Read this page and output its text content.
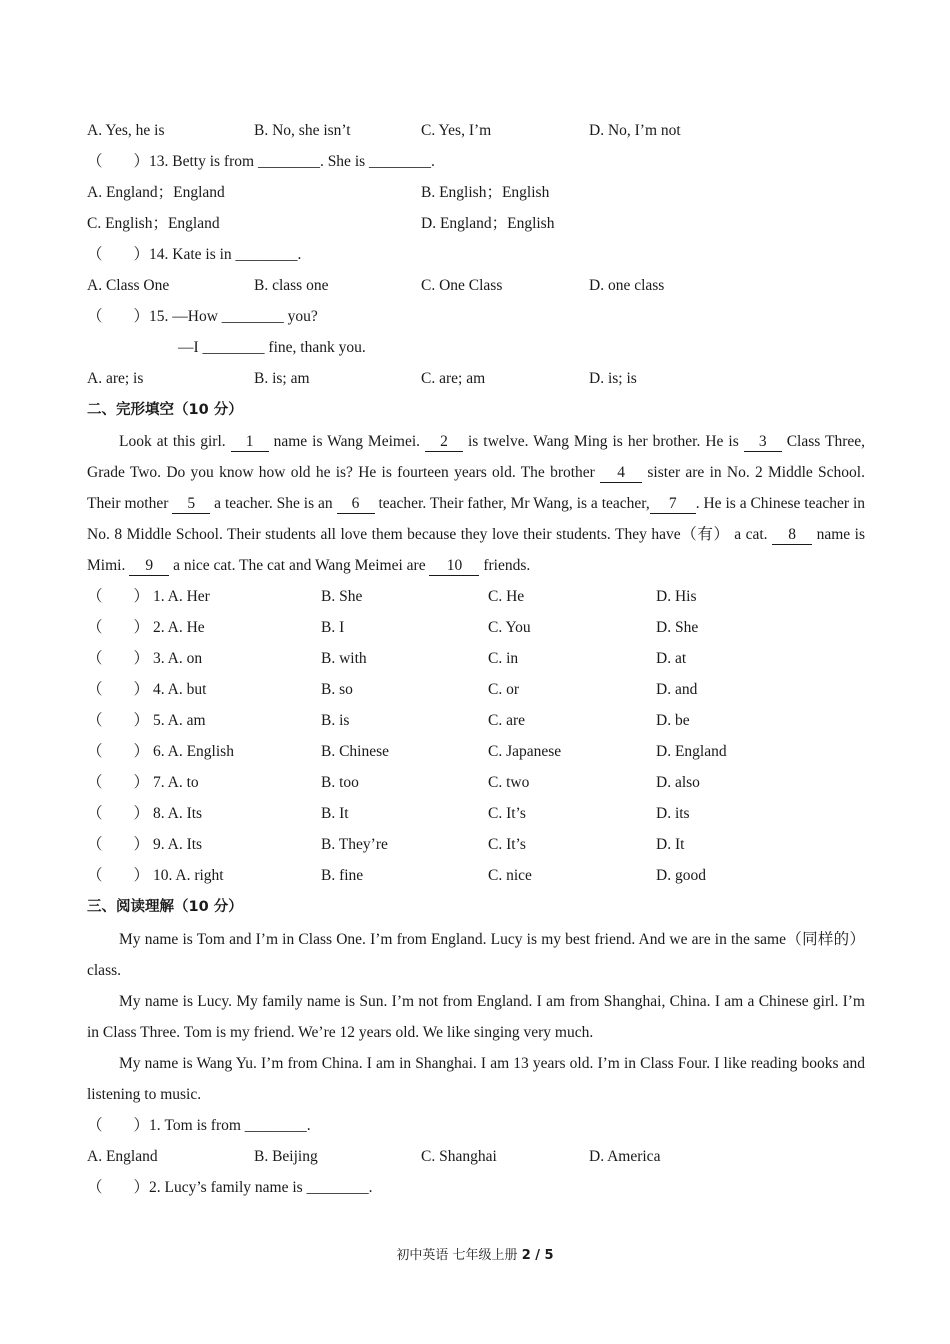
A. Yes, he is	B. No, she isn’t	C. Yes, I’m	D. No, I’m not
（　　）13. Betty is from ________. She is ________.
A. England；England	B. English；English
C. English；England	D. England；English
（　　）14. Kate is in ________.
A. Class One	B. class one	C. One Class	D. one class
（　　）15. —How ________ you?
—I ________ fine, thank you.
A. are; is	B. is; am	C. are; am	D. is; is
二、完形填空（10 分）
Look at this girl. 1 name is Wang Meimei. 2 is twelve. Wang Ming is her brother. He is 3 Class Three, Grade Two. Do you know how old he is? He is fourteen years old. The brother 4 sister are in No. 2 Middle School. Their mother 5 a teacher. She is an 6 teacher. Their father, Mr Wang, is a teacher, 7 . He is a Chinese teacher in No. 8 Middle School. Their students all love them because they love their students. They have（有） a cat. 8 name is Mimi. 9 a nice cat. The cat and Wang Meimei are 10 friends.
（　　） 1. A. Her	B. She	C. He	D. His
（　　） 2. A. He	B. I	C. You	D. She
（　　） 3. A. on	B. with	C. in	D. at
（　　） 4. A. but	B. so	C. or	D. and
（　　） 5. A. am	B. is	C. are	D. be
（　　） 6. A. English	B. Chinese	C. Japanese	D. England
（　　） 7. A. to	B. too	C. two	D. also
（　　） 8. A. Its	B. It	C. It’s	D. its
（　　） 9. A. Its	B. They’re	C. It’s	D. It
（　　） 10. A. right	B. fine	C. nice	D. good
三、阅读理解（10 分）
My name is Tom and I’m in Class One. I’m from England. Lucy is my best friend. And we are in the same（同样的） class.
My name is Lucy. My family name is Sun. I’m not from England. I am from Shanghai, China. I am a Chinese girl. I’m in Class Three. Tom is my friend. We’re 12 years old. We like singing very much.
My name is Wang Yu. I’m from China. I am in Shanghai. I am 13 years old. I’m in Class Four. I like reading books and listening to music.
（　　）1. Tom is from ________.
A. England	B. Beijing	C. Shanghai	D. America
（　　）2. Lucy’s family name is ________.
初中英语 七年级上册 2 / 5
